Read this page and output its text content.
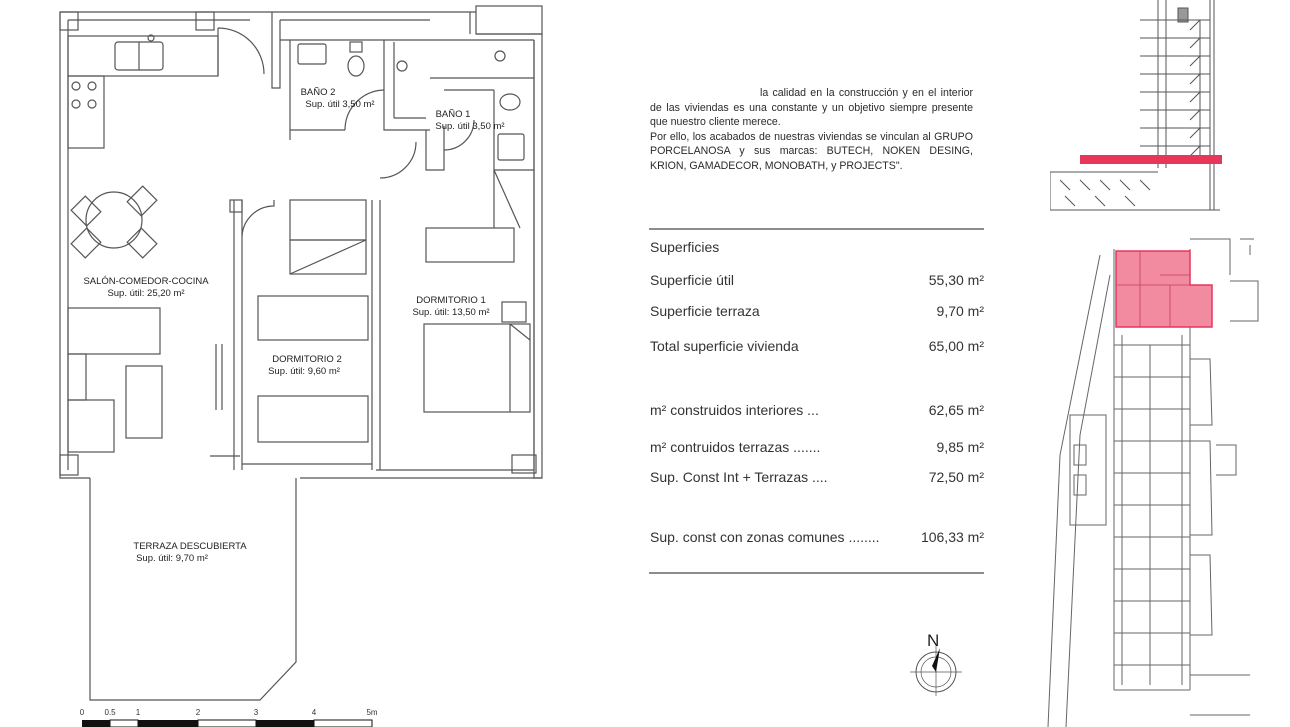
BAÑO 2
Sup. útil 3,50 m²
BAÑO 1
Sup. útil 3,50 m²
SALÓN-COMEDOR-COCINA
Sup. útil: 25,20 m²
DORMITORIO 1
Sup. útil: 13,50 m²
DORMITORIO 2
Sup. útil: 9,60 m²
TERRAZA DESCUBIERTA
Sup. útil: 9,70 m²
0	0.5	1	2	3	4	5m

la calidad en la construcción y en el interior de las viviendas es una constante y un objetivo siempre presente que nuestro cliente merece.

Por ello, los acabados de nuestras viviendas se vinculan al GRUPO PORCELANOSA y sus marcas: BUTECH, NOKEN DESING, KRION, GAMADECOR, MONOBATH, y PROJECTS".

Superficies
Superficie útil	55,30 m²
Superficie terraza	9,70 m²
Total superficie vivienda	65,00 m²
m² construidos interiores ...	62,65 m²
m² contruidos terrazas .......	9,85 m²
Sup. Const Int + Terrazas ....	72,50 m²
Sup. const con zonas comunes ........	106,33 m²
N
